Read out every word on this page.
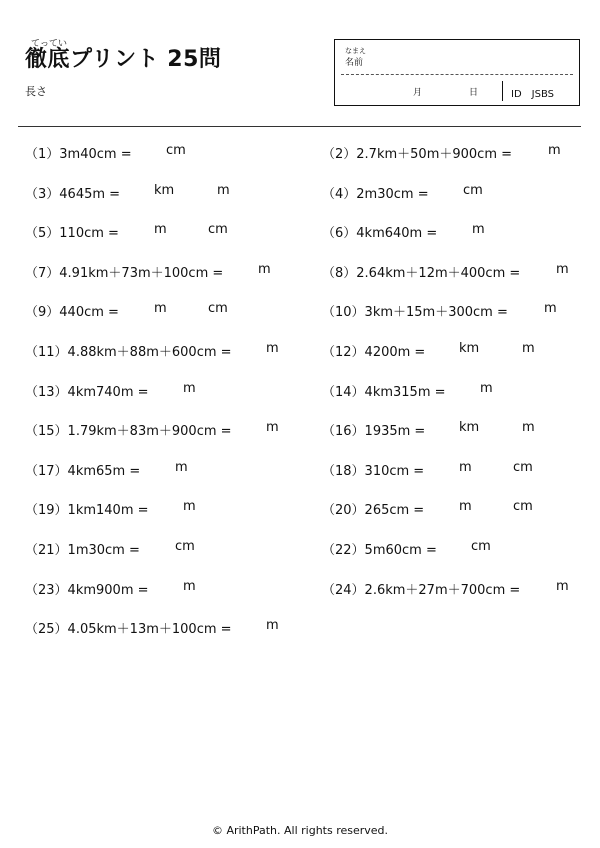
てってい
徹底プリント 25問
長さ
なまえ
名前
月	日	ID　JSBS
（1）3m40cm =	cm	（2）2.7km＋50m＋900cm =	m
（3）4645m =	km	m	（4）2m30cm =	cm
（5）110cm =	m	cm	（6）4km640m =	m
（7）4.91km＋73m＋100cm =	m	（8）2.64km＋12m＋400cm =	m
（9）440cm =	m	cm	（10）3km＋15m＋300cm =	m
（11）4.88km＋88m＋600cm =	m	（12）4200m =	km	m
（13）4km740m =	m	（14）4km315m =	m
（15）1.79km＋83m＋900cm =	m	（16）1935m =	km	m
（17）4km65m =	m	（18）310cm =	m	cm
（19）1km140m =	m	（20）265cm =	m	cm
（21）1m30cm =	cm	（22）5m60cm =	cm
（23）4km900m =	m	（24）2.6km＋27m＋700cm =	m
（25）4.05km＋13m＋100cm =	m
© ArithPath. All rights reserved.
